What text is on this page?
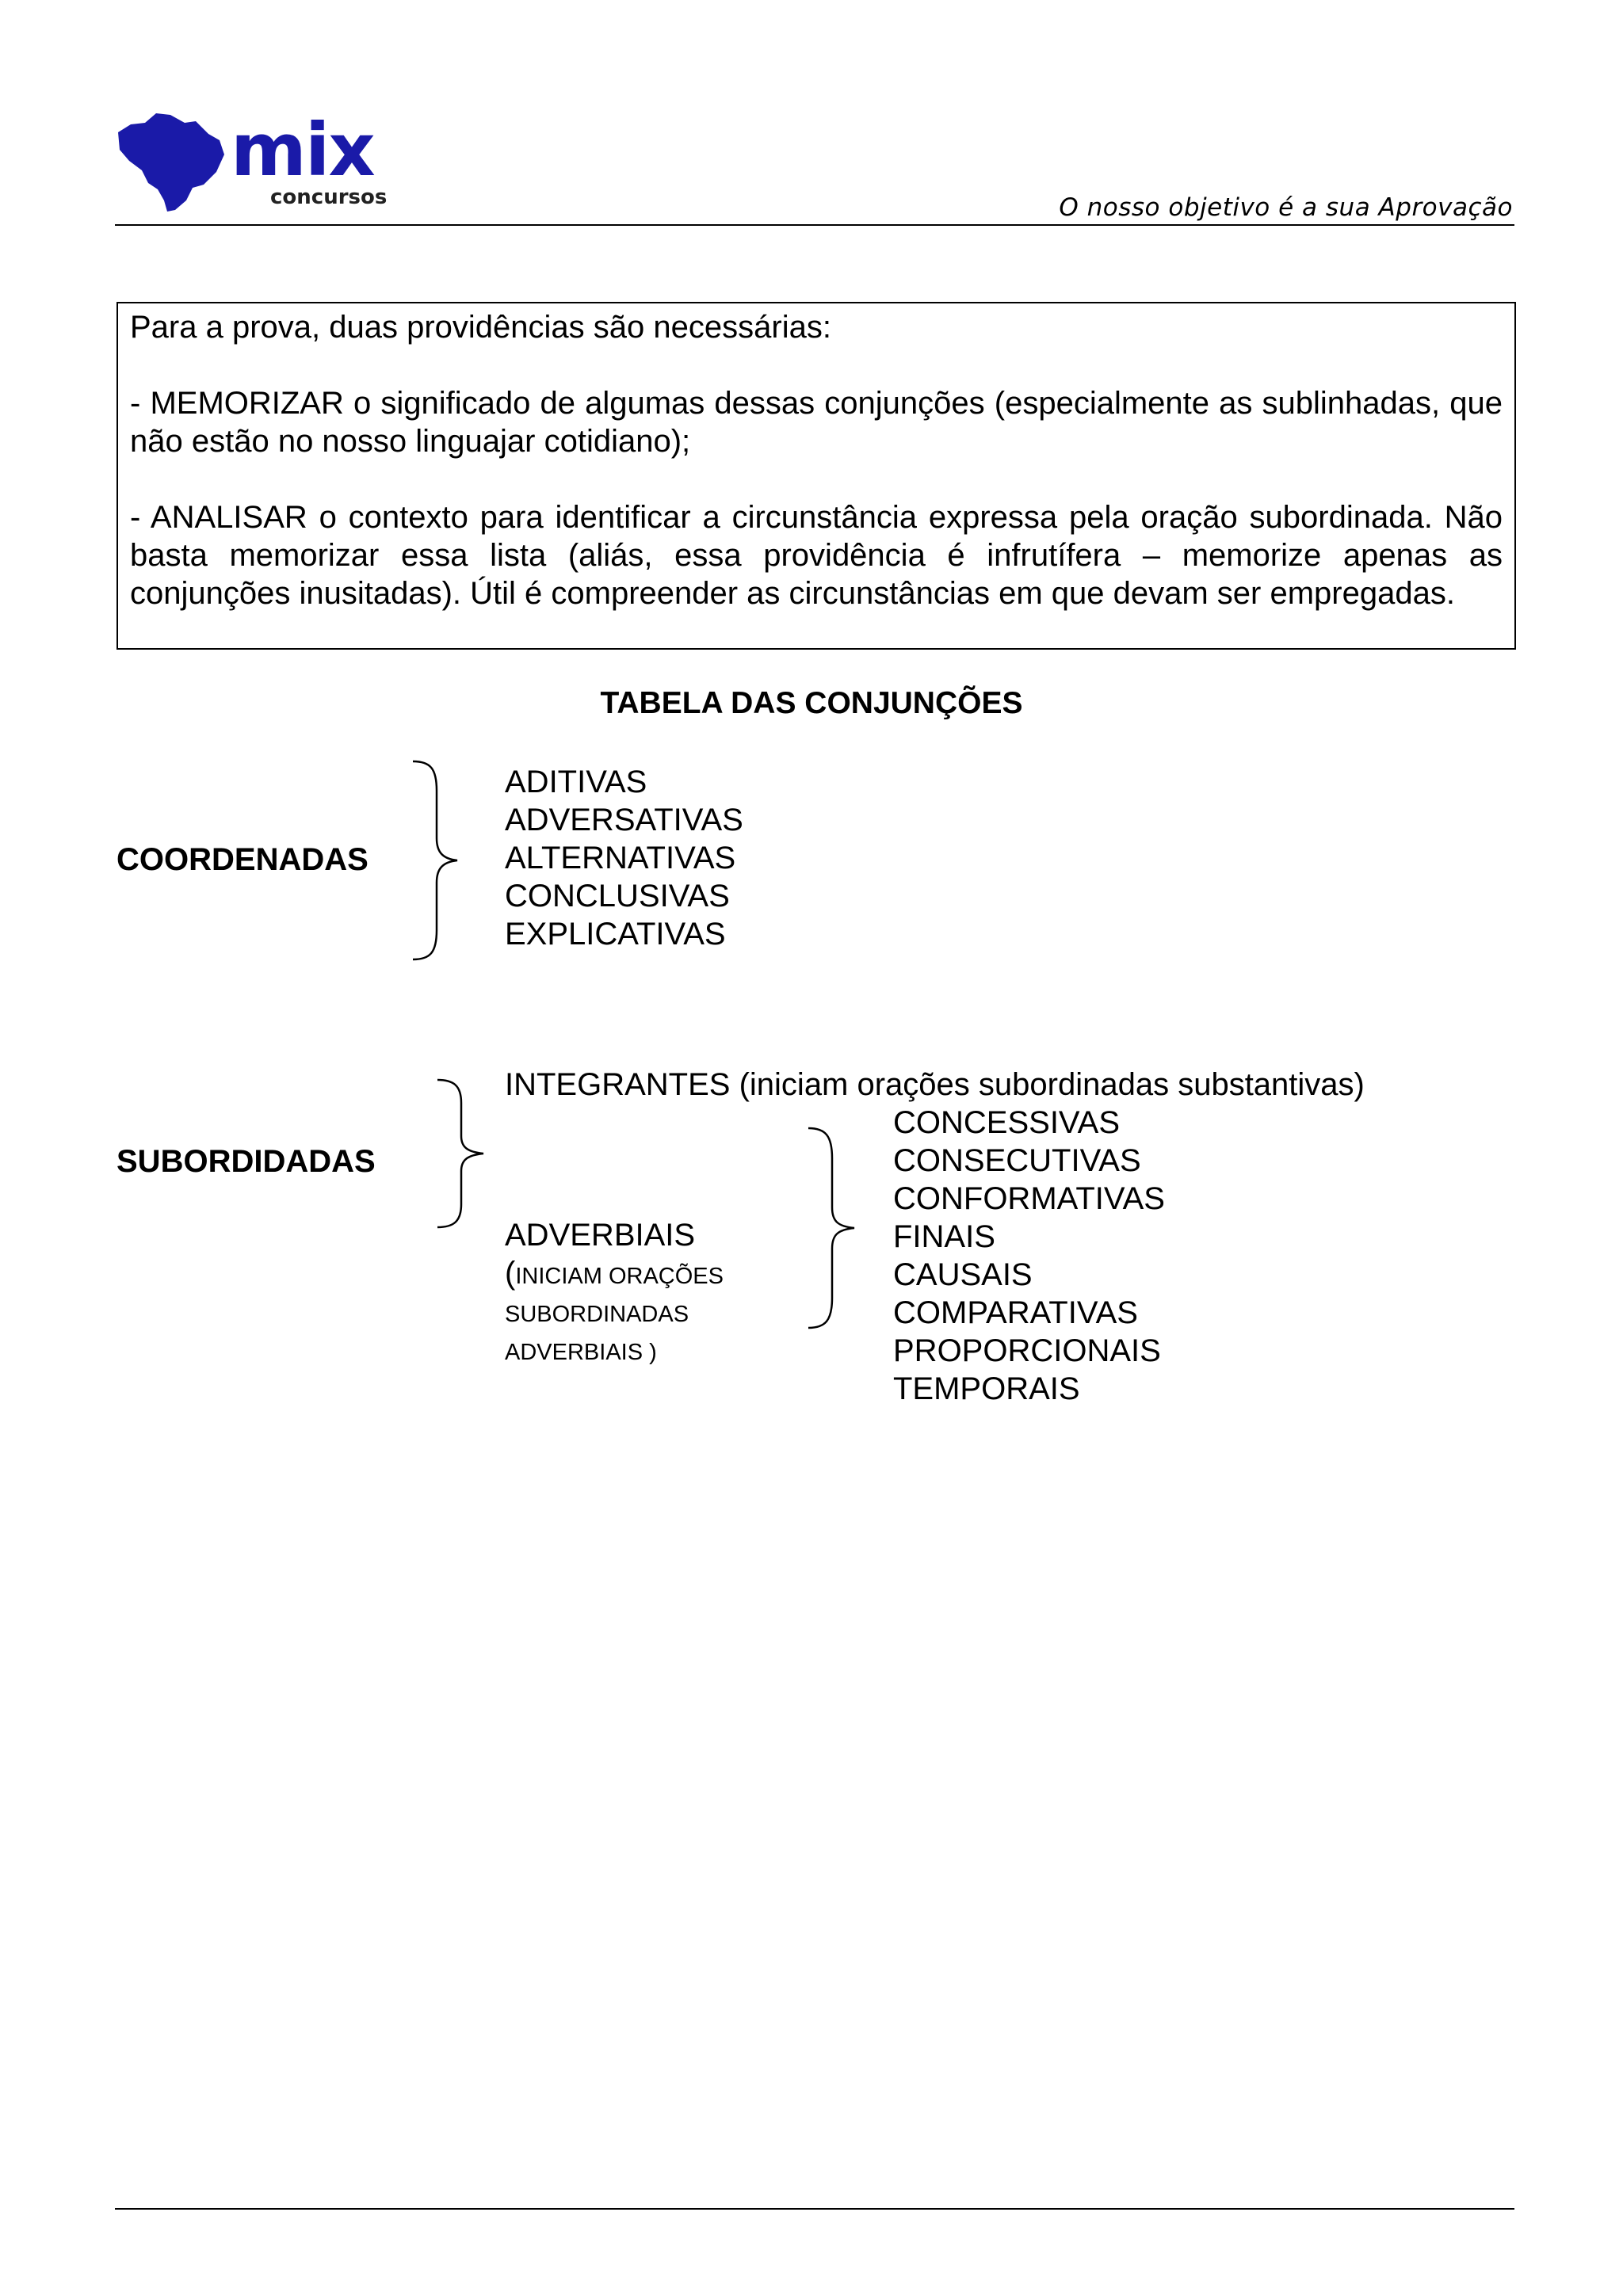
mix
concursos	O nosso objetivo é a sua Aprovação

Para a prova, duas providências são necessárias:

- MEMORIZAR o significado de algumas dessas conjunções (especialmente as sublinhadas, que não estão no nosso linguajar cotidiano);

- ANALISAR o contexto para identificar a circunstância expressa pela oração subordinada. Não basta memorizar essa lista (aliás, essa providência é infrutífera – memorize apenas as conjunções inusitadas). Útil é compreender as circunstâncias em que devam ser empregadas.

TABELA DAS CONJUNÇÕES
COORDENADAS
ADITIVAS
ADVERSATIVAS
ALTERNATIVAS
CONCLUSIVAS
EXPLICATIVAS
SUBORDIDADAS
INTEGRANTES (iniciam orações subordinadas substantivas)
ADVERBIAIS
(INICIAM ORAÇÕES
SUBORDINADAS
ADVERBIAIS )
CONCESSIVAS
CONSECUTIVAS
CONFORMATIVAS
FINAIS
CAUSAIS
COMPARATIVAS
PROPORCIONAIS
TEMPORAIS
